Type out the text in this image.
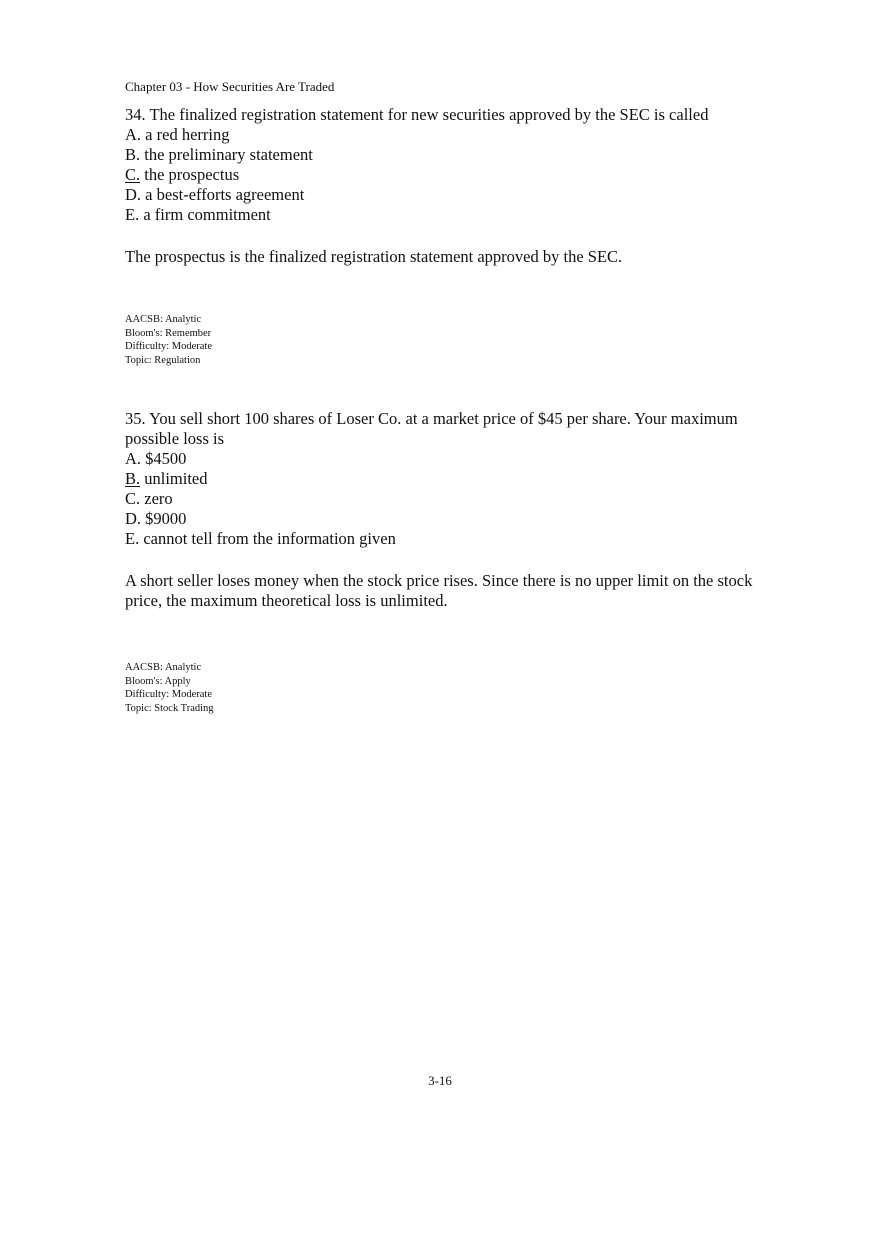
Chapter 03 - How Securities Are Traded
34. The finalized registration statement for new securities approved by the SEC is called
A. a red herring
B. the preliminary statement
C. the prospectus
D. a best-efforts agreement
E. a firm commitment
The prospectus is the finalized registration statement approved by the SEC.
AACSB: Analytic
Bloom's: Remember
Difficulty: Moderate
Topic: Regulation
35. You sell short 100 shares of Loser Co. at a market price of $45 per share. Your maximum possible loss is
A. $4500
B. unlimited
C. zero
D. $9000
E. cannot tell from the information given
A short seller loses money when the stock price rises. Since there is no upper limit on the stock price, the maximum theoretical loss is unlimited.
AACSB: Analytic
Bloom's: Apply
Difficulty: Moderate
Topic: Stock Trading
3-16
